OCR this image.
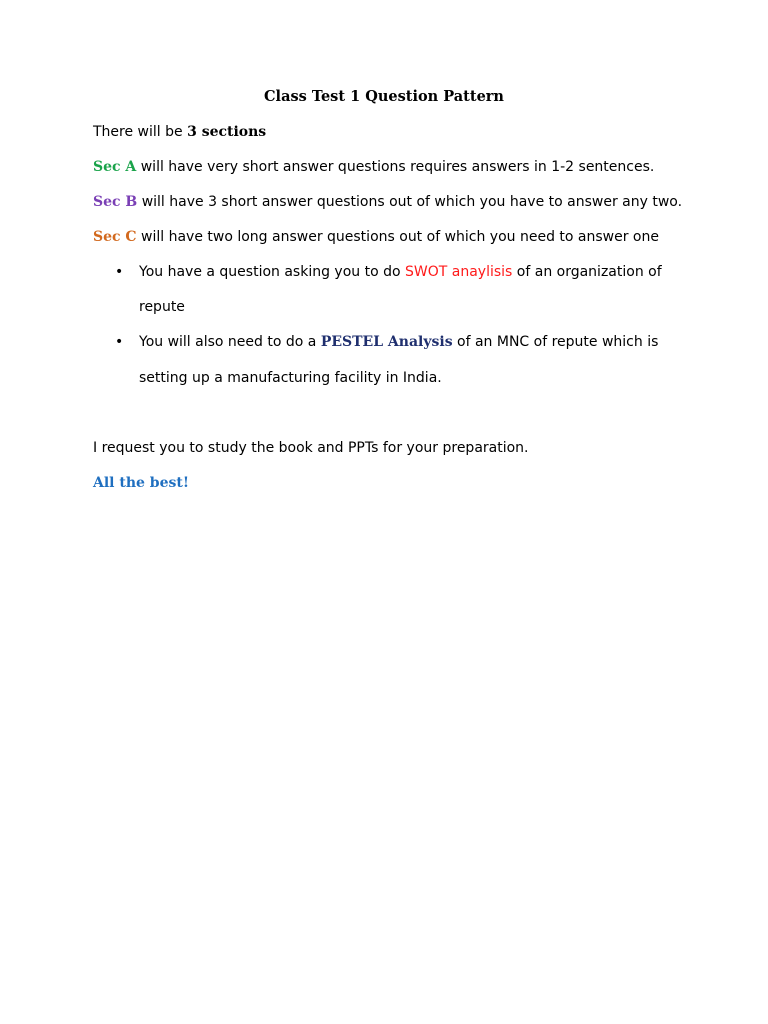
Class Test 1 Question Pattern
There will be 3 sections
Sec A will have very short answer questions requires answers in 1-2 sentences.
Sec B will have 3 short answer questions out of which you have to answer any two.
Sec C will have two long answer questions out of which you need to answer one
• You have a question asking you to do SWOT anaylisis of an organization of
repute
• You will also need to do a PESTEL Analysis of an MNC of repute which is
setting up a manufacturing facility in India.
I request you to study the book and PPTs for your preparation.
All the best!
